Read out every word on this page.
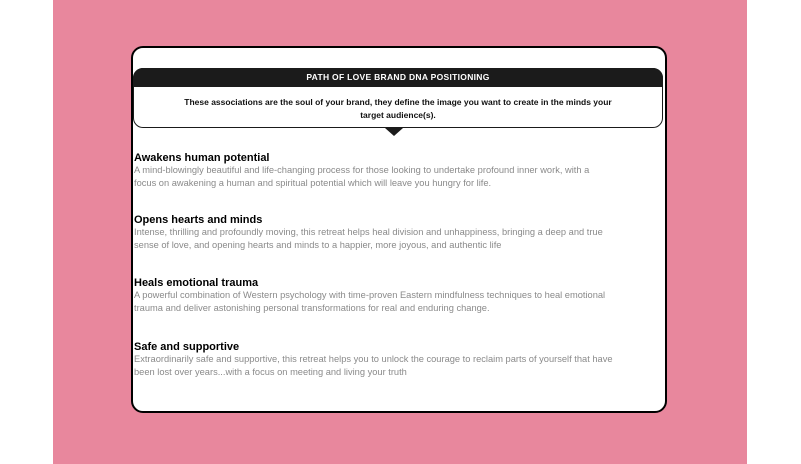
PATH OF LOVE BRAND DNA POSITIONING
These associations are the soul of your brand, they define the image you want to create in the minds your target audience(s).
Awakens human potential
A mind-blowingly beautiful and life-changing process for those looking to undertake profound inner work, with a focus on awakening a human and spiritual potential which will leave you hungry for life.
Opens hearts and minds
Intense, thrilling and profoundly moving, this retreat helps heal division and unhappiness, bringing a deep and true sense of love, and opening hearts and minds to a happier, more joyous, and authentic life
Heals emotional trauma
A powerful combination of Western psychology with time-proven Eastern mindfulness techniques to heal emotional trauma and deliver astonishing personal transformations for real and enduring change.
Safe and supportive
Extraordinarily safe and supportive, this retreat helps you to unlock the courage to reclaim parts of yourself that have been lost over years...with a focus on meeting and living your truth
